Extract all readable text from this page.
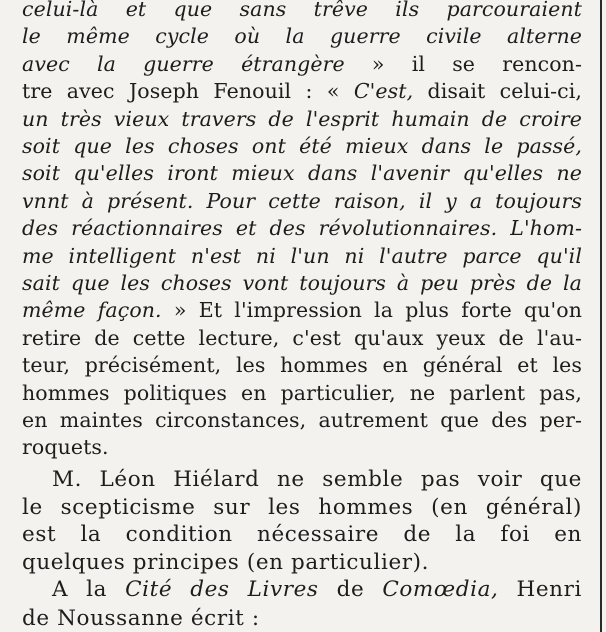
celui-là et que sans trêve ils parcouraient
le même cycle où la guerre civile alterne
avec la guerre étrangère » il se rencon-
tre avec Joseph Fenouil : « C'est, disait celui-ci,
un très vieux travers de l'esprit humain de croire
soit que les choses ont été mieux dans le passé,
soit qu'elles iront mieux dans l'avenir qu'elles ne
vnnt à présent. Pour cette raison, il y a toujours
des réactionnaires et des révolutionnaires. L'hom-
me intelligent n'est ni l'un ni l'autre parce qu'il
sait que les choses vont toujours à peu près de la
même façon. » Et l'impression la plus forte qu'on
retire de cette lecture, c'est qu'aux yeux de l'au-
teur, précisément, les hommes en général et les
hommes politiques en particulier, ne parlent pas,
en maintes circonstances, autrement que des per-
roquets.
M. Léon Hiélard ne semble pas voir que
le scepticisme sur les hommes (en général)
est la condition nécessaire de la foi en
quelques principes (en particulier).
A la Cité des Livres de Comœdia, Henri
de Noussanne écrit :
